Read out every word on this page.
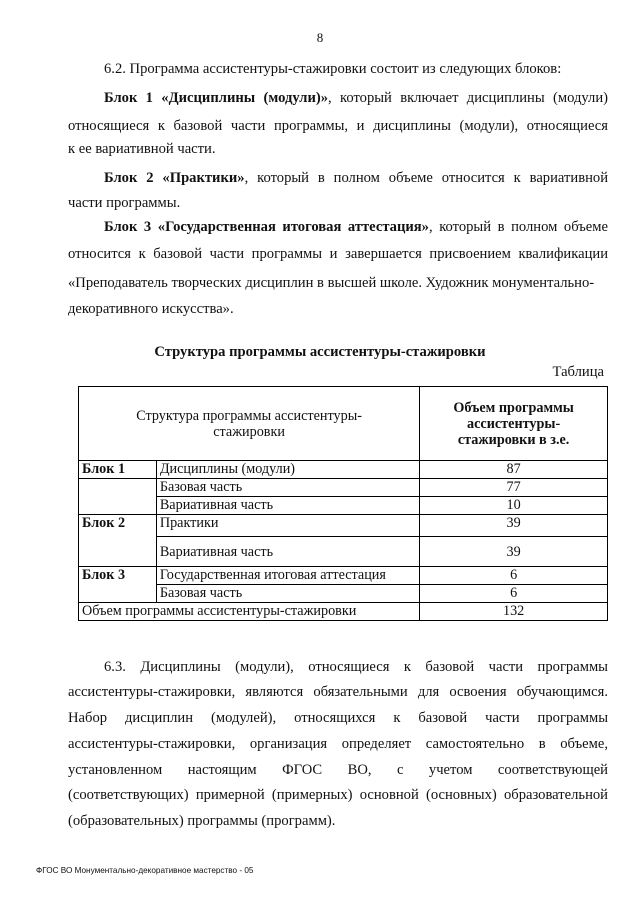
8
6.2. Программа ассистентуры-стажировки состоит из следующих блоков:
Блок 1 «Дисциплины (модули)», который включает дисциплины (модули)
относящиеся к базовой части программы, и дисциплины (модули), относящиеся
к ее вариативной части.
Блок 2 «Практики», который в полном объеме относится к вариативной
части программы.
Блок 3 «Государственная итоговая аттестация», который в полном объеме
относится к базовой части программы и завершается присвоением квалификации
«Преподаватель творческих дисциплин в высшей школе. Художник монументально-
декоративного искусства».
Структура программы ассистентуры-стажировки
Таблица
Структура программы ассистентуры-стажировки		Объем программы ассистентуры-стажировки в з.е.
Блок 1	Дисциплины (модули)	87
	Базовая часть	77
	Вариативная часть	10
Блок 2	Практики	39
	Вариативная часть	39
Блок 3	Государственная итоговая аттестация	6
	Базовая часть	6
Объем программы ассистентуры-стажировки		132
6.3. Дисциплины (модули), относящиеся к базовой части программы
ассистентуры-стажировки, являются обязательными для освоения обучающимся.
Набор дисциплин (модулей), относящихся к базовой части программы
ассистентуры-стажировки, организация определяет самостоятельно в объеме,
установленном настоящим ФГОС ВО, с учетом соответствующей
(соответствующих) примерной (примерных) основной (основных) образовательной
(образовательных) программы (программ).
ФГОС ВО Монументально-декоративное мастерство - 05
